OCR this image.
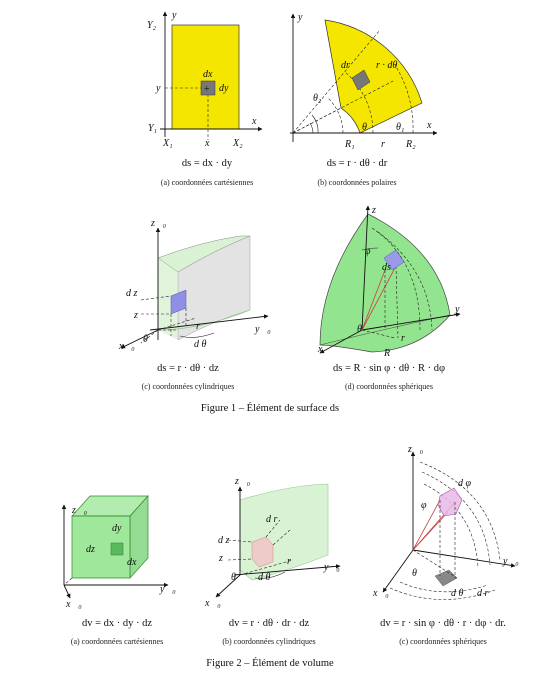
+
y⃗
Y₂
y
Y₁
X₁	x X₂
x⃗
dx
dy
ds = dx · dy
(a) coordonnées cartésiennes
y⃗
x⃗
dr	r · dθ
θ₂
θ	θ₁
R₁	r R₂
ds = r · dθ · dr
(b) coordonnées polaires
z⃗₀
d z
z
θ
x⃗₀
y⃗₀
r
d θ
ds = r · dθ · dz
(c) coordonnées cylindriques
z⃗
φ
ds
θ
r
R
y⃗
x⃗
ds = R · sin φ · dθ · R · dφ
(d) coordonnées sphériques
Figure 1 – Élément de surface ds
z⃗₀
dy
dz
dx
y⃗₀
x⃗₀
dv = dx · dy · dz
(a) coordonnées cartésiennes
z⃗₀
d r
d z
z
θ
r
d θ
y⃗₀
x⃗₀
dv = r · dθ · dr · dz
(b) coordonnées cylindriques
z⃗₀
d φ
φ
θ
d θ d r
y⃗₀
x⃗₀
dv = r · sin φ · dθ · r · dφ · dr.
(c) coordonnées sphériques
Figure 2 – Élément de volume
